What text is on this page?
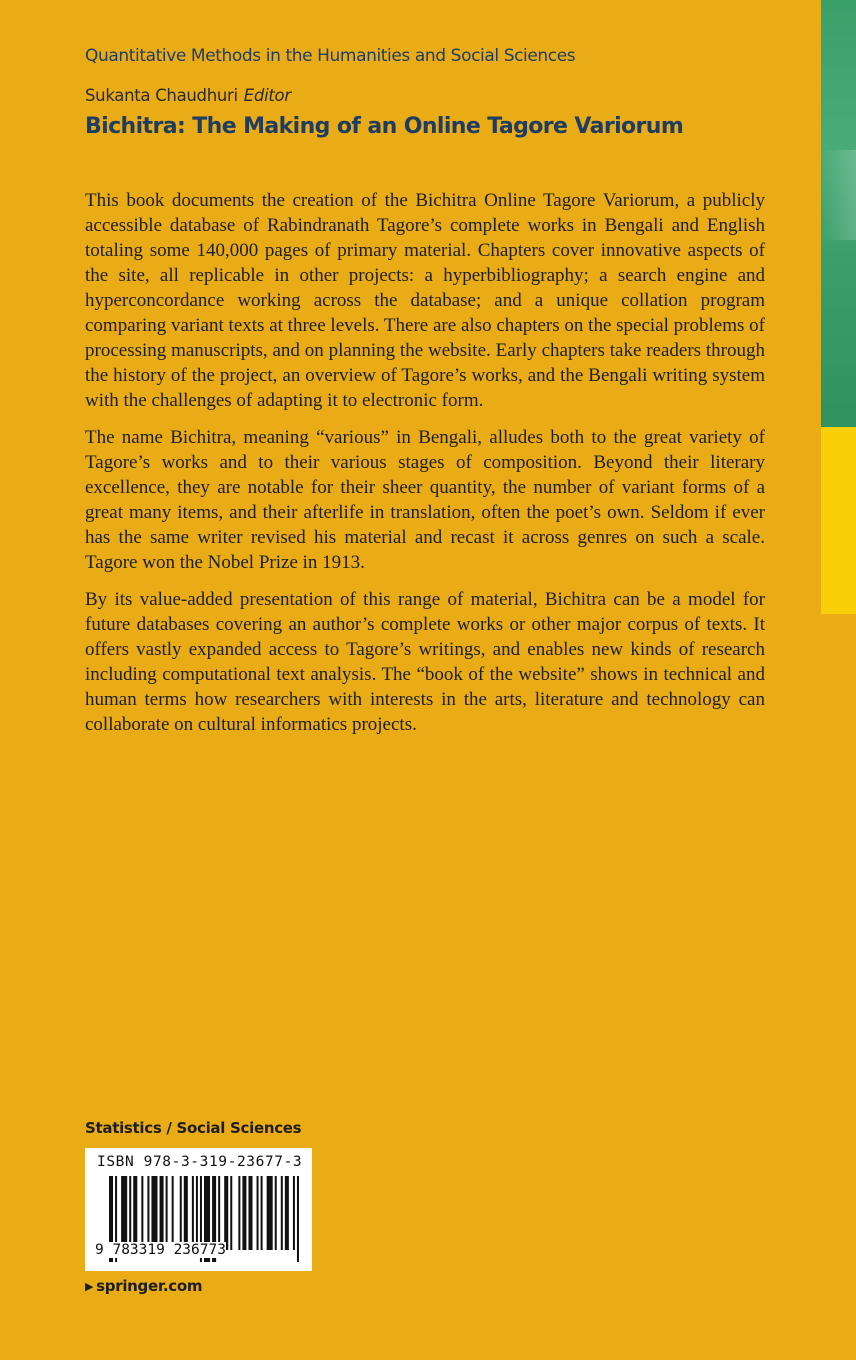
Quantitative Methods in the Humanities and Social Sciences
Sukanta Chaudhuri Editor
Bichitra: The Making of an Online Tagore Variorum

This book documents the creation of the Bichitra Online Tagore Variorum, a publicly accessible database of Rabindranath Tagore’s complete works in Bengali and English totaling some 140,000 pages of primary material. Chapters cover innovative aspects of the site, all replicable in other projects: a hyperbibliography; a search engine and hyperconcordance working across the database; and a unique collation program comparing variant texts at three levels. There are also chapters on the special problems of processing manuscripts, and on planning the website. Early chapters take readers through the history of the project, an overview of Tagore’s works, and the Bengali writing system with the challenges of adapting it to electronic form.

The name Bichitra, meaning “various” in Bengali, alludes both to the great variety of Tagore’s works and to their various stages of composition. Beyond their literary excellence, they are notable for their sheer quantity, the number of variant forms of a great many items, and their afterlife in translation, often the poet’s own. Seldom if ever has the same writer revised his material and recast it across genres on such a scale. Tagore won the Nobel Prize in 1913.

By its value-added presentation of this range of material, Bichitra can be a model for future databases covering an author’s complete works or other major corpus of texts. It offers vastly expanded access to Tagore’s writings, and enables new kinds of research including computational text analysis. The “book of the website” shows in technical and human terms how researchers with interests in the arts, literature and technology can collaborate on cultural informatics projects.

Statistics / Social Sciences
ISBN 978-3-319-23677-3
9 783319 236773
▶ springer.com
